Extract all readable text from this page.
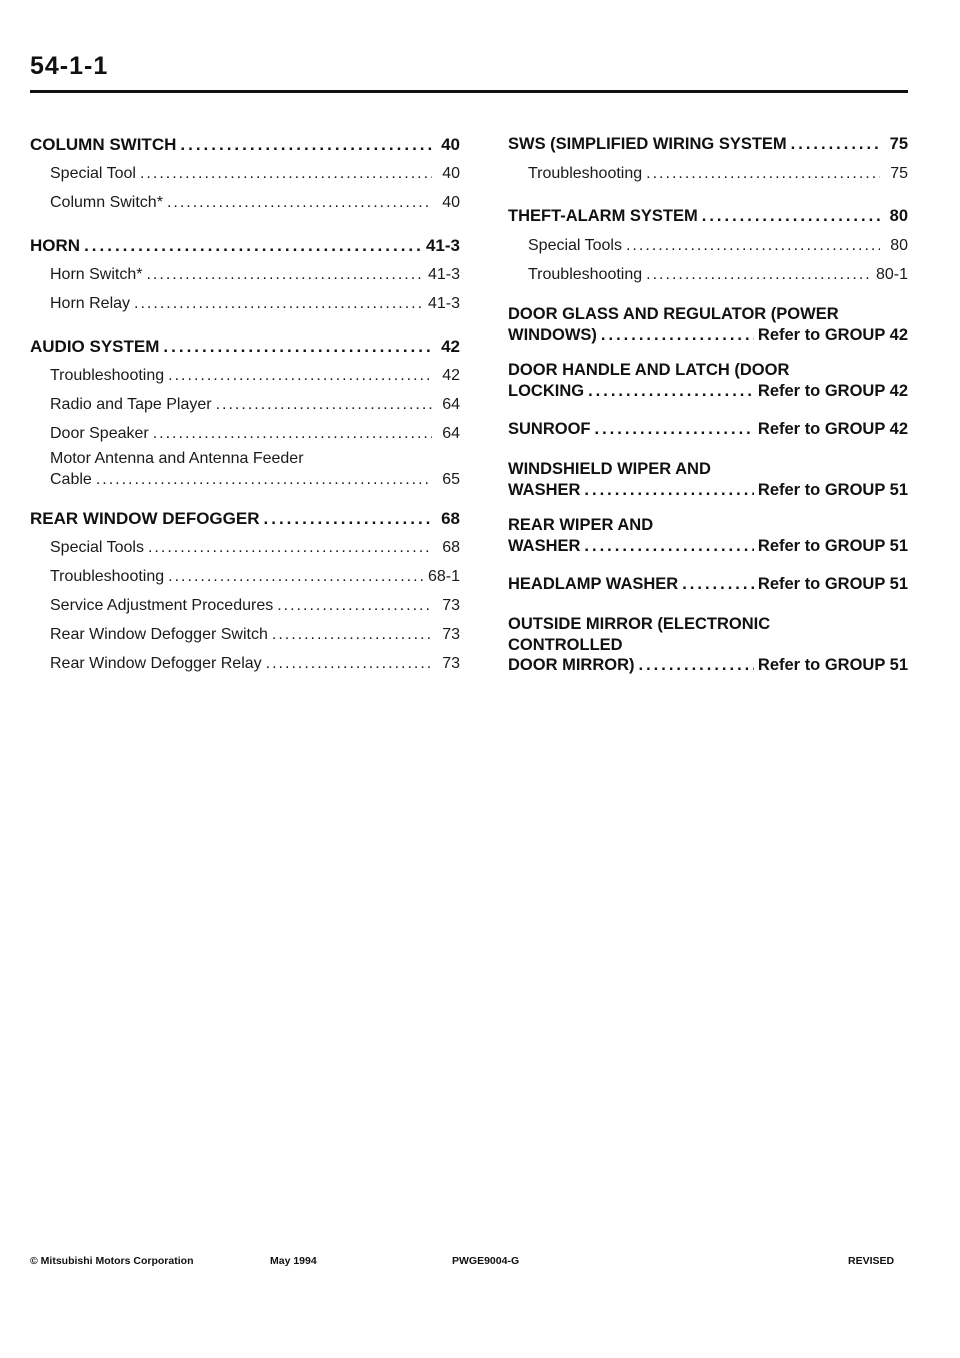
54-1-1
COLUMN SWITCH .....	40
Special Tool .....	40
Column Switch* .....	40
HORN .....	41-3
Horn Switch* .....	41-3
Horn Relay .....	41-3
AUDIO SYSTEM .....	42
Troubleshooting .....	42
Radio and Tape Player .....	64
Door Speaker .....	64
Motor Antenna and Antenna Feeder
Cable .....	65
REAR WINDOW DEFOGGER .....	68
Special Tools .....	68
Troubleshooting .....	68-1
Service Adjustment Procedures .....	73
Rear Window Defogger Switch .....	73
Rear Window Defogger Relay .....	73
SWS (SIMPLIFIED WIRING SYSTEM .....	75
Troubleshooting .....	75
THEFT-ALARM SYSTEM .....	80
Special Tools .....	80
Troubleshooting .....	80-1
DOOR GLASS AND REGULATOR (POWER
WINDOWS) .....	Refer to GROUP 42
DOOR HANDLE AND LATCH (DOOR
LOCKING .....	Refer to GROUP 42
SUNROOF .....	Refer to GROUP 42
WINDSHIELD WIPER AND
WASHER .....	Refer to GROUP 51
REAR WIPER AND
WASHER .....	Refer to GROUP 51
HEADLAMP WASHER .....	Refer to GROUP 51
OUTSIDE MIRROR (ELECTRONIC
CONTROLLED
DOOR MIRROR) .....	Refer to GROUP 51
© Mitsubishi Motors Corporation	May 1994	PWGE9004-G	REVISED
